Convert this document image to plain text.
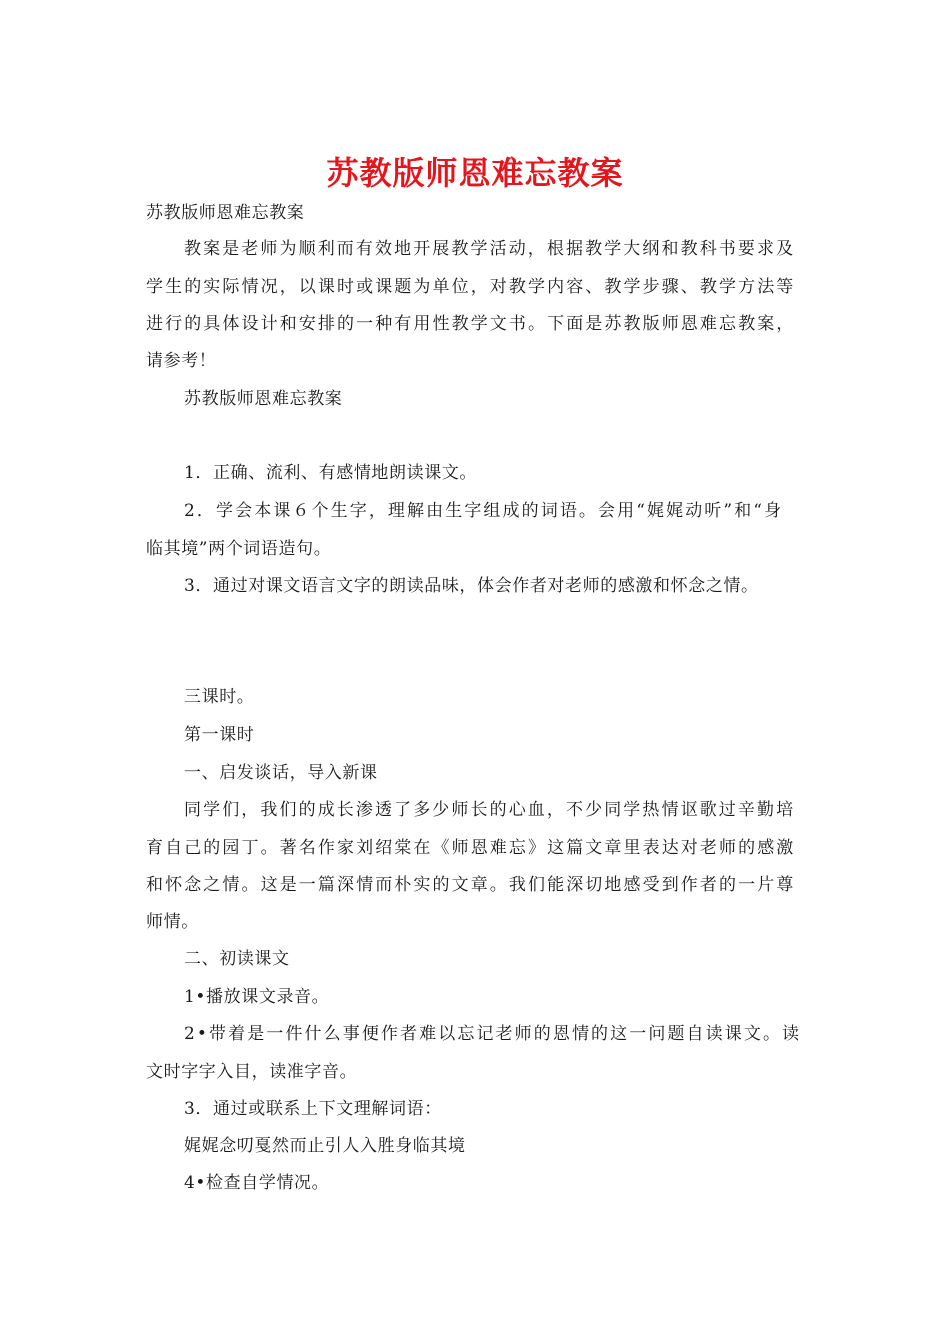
苏教版师恩难忘教案
苏教版师恩难忘教案
教案是老师为顺利而有效地开展教学活动，根据教学大纲和教科书要求及
学生的实际情况，以课时或课题为单位，对教学内容、教学步骤、教学方法等
进行的具体设计和安排的一种有用性教学文书。下面是苏教版师恩难忘教案，
请参考！
苏教版师恩难忘教案
1．正确、流利、有感情地朗读课文。
2．学会本课６个生字，理解由生字组成的词语。会用“娓娓动听”和“身
临其境”两个词语造句。
3．通过对课文语言文字的朗读品味，体会作者对老师的感激和怀念之情。
三课时。
第一课时
一、启发谈话，导入新课
同学们，我们的成长渗透了多少师长的心血，不少同学热情讴歌过辛勤培
育自己的园丁。著名作家刘绍棠在《师恩难忘》这篇文章里表达对老师的感激
和怀念之情。这是一篇深情而朴实的文章。我们能深切地感受到作者的一片尊
师情。
二、初读课文
1•播放课文录音。
2•带着是一件什么事便作者难以忘记老师的恩情的这一问题自读课文。读
文时字字入目，读准字音。
3．通过或联系上下文理解词语：
娓娓念叨戛然而止引人入胜身临其境
4•检查自学情况。
